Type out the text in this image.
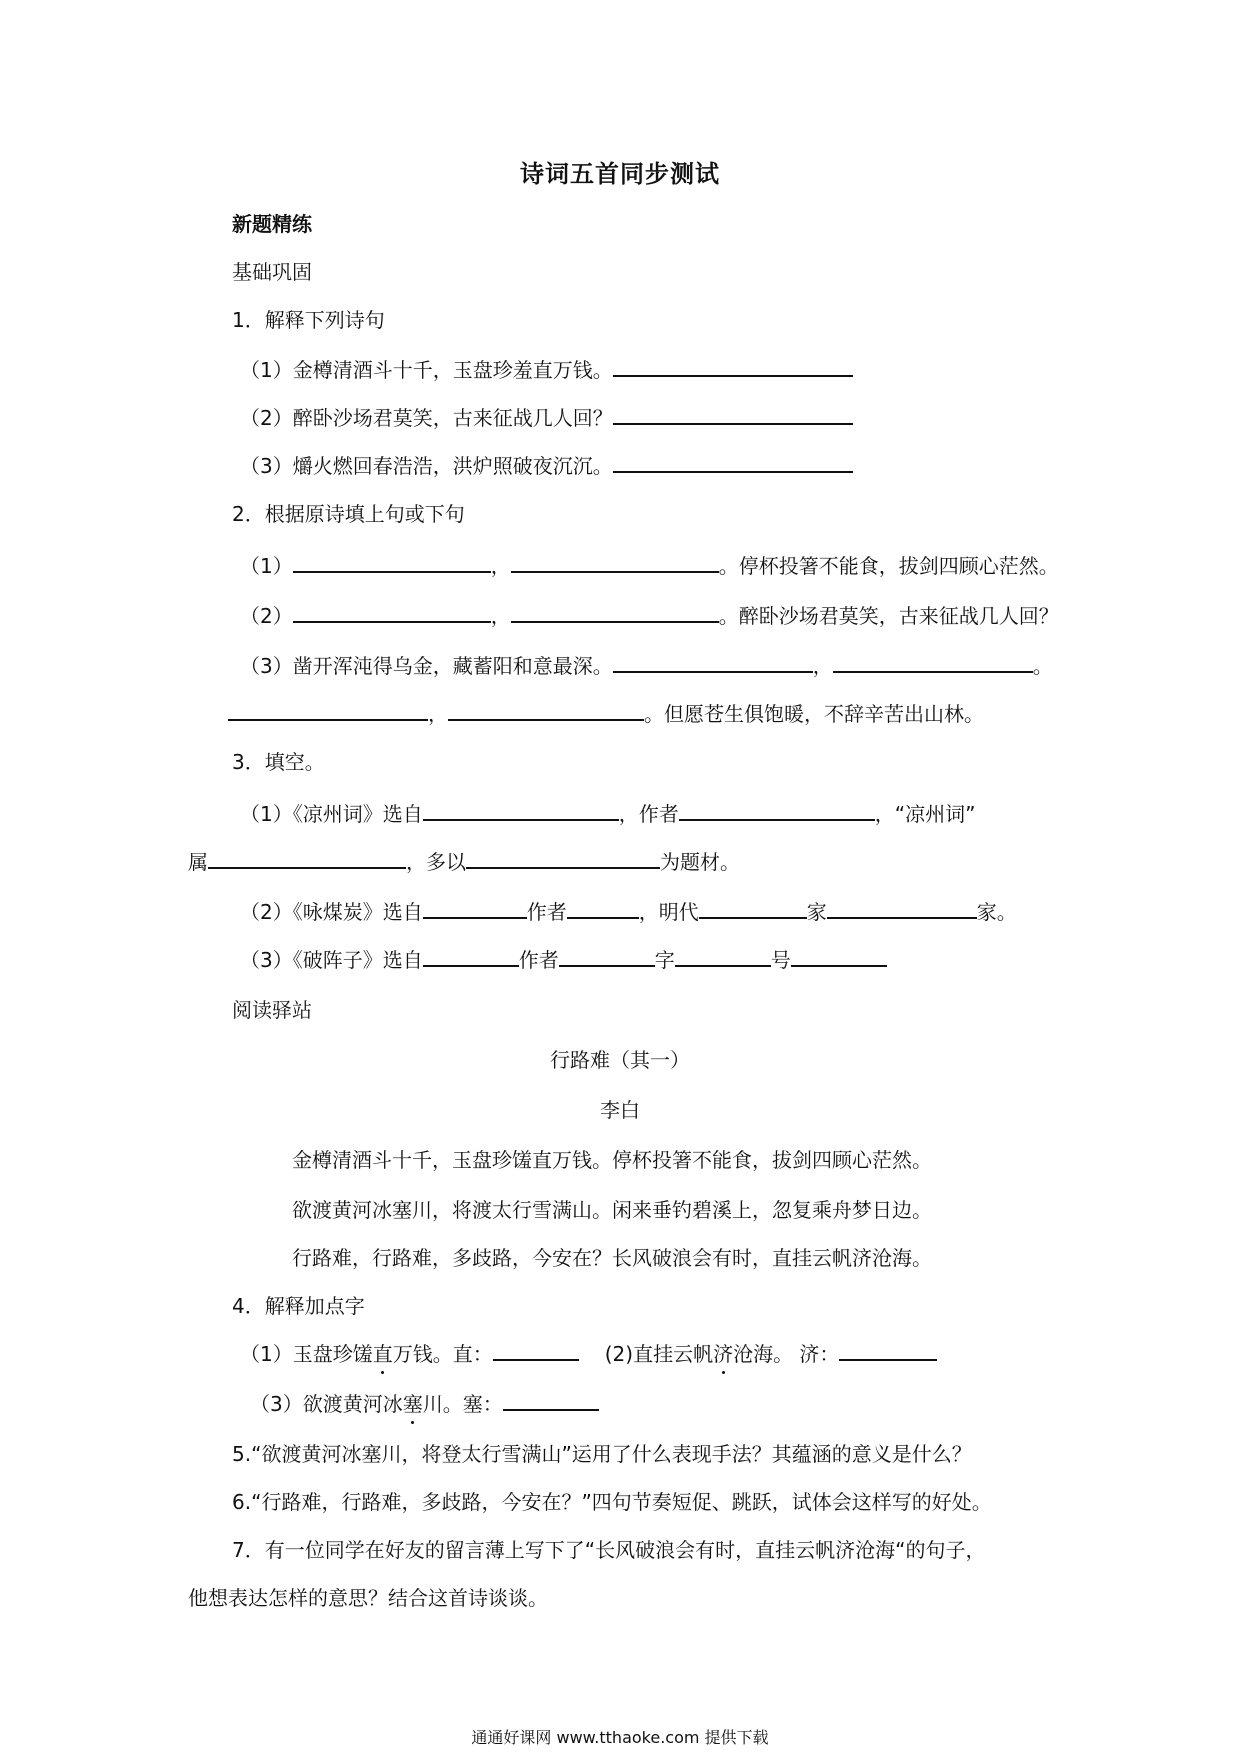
诗词五首同步测试
新题精练
基础巩固
1．解释下列诗句
（1）金樽清酒斗十千，玉盘珍羞直万钱。
（2）醉卧沙场君莫笑，古来征战几人回？
（3）爝火燃回春浩浩，洪炉照破夜沉沉。
2．根据原诗填上句或下句
（1）	，	。停杯投箸不能食，拔剑四顾心茫然。
（2）	，	。醉卧沙场君莫笑，古来征战几人回？
（3）凿开浑沌得乌金，藏蓄阳和意最深。	，	。
，	。但愿苍生俱饱暖，不辞辛苦出山林。
3．填空。
（1）《凉州词》选自	，作者	，“凉州词”
属	，多以	为题材。
（2）《咏煤炭》选自	作者	，明代	家	家。
（3）《破阵子》选自	作者	字	号
阅读驿站
行路难（其一）
李白
金樽清酒斗十千，玉盘珍馐直万钱。停杯投箸不能食，拔剑四顾心茫然。
欲渡黄河冰塞川，将渡太行雪满山。闲来垂钓碧溪上，忽复乘舟梦日边。
行路难，行路难，多歧路，今安在？长风破浪会有时，直挂云帆济沧海。
4．解释加点字
（1）玉盘珍馐直万钱。直：	(2)直挂云帆济沧海。 济：
（3）欲渡黄河冰塞川。塞：
5.“欲渡黄河冰塞川，将登太行雪满山”运用了什么表现手法？其蕴涵的意义是什么？
6.“行路难，行路难，多歧路，今安在？”四句节奏短促、跳跃，试体会这样写的好处。
7．有一位同学在好友的留言薄上写下了“长风破浪会有时，直挂云帆济沧海“的句子，
他想表达怎样的意思？结合这首诗谈谈。
通通好课网 www.tthaoke.com 提供下载
